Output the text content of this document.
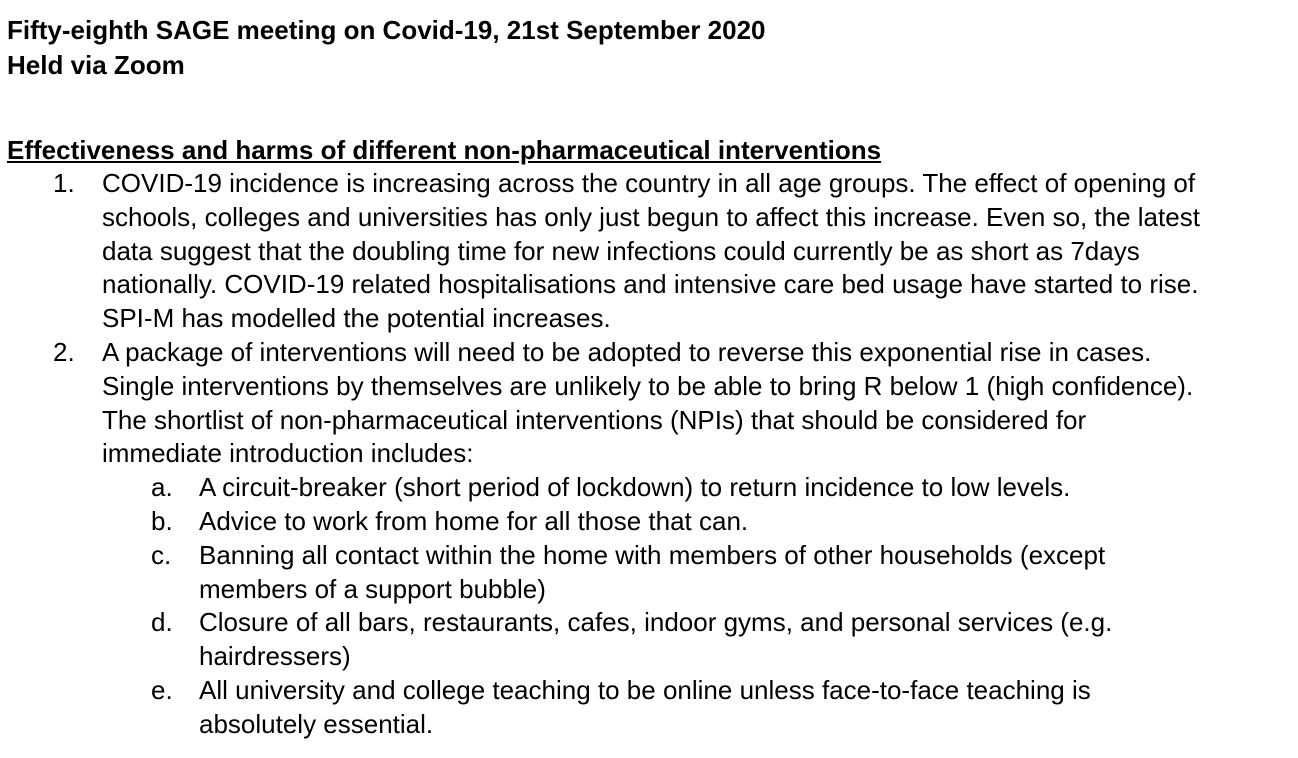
Fifty-eighth SAGE meeting on Covid-19, 21st September 2020

Held via Zoom

Effectiveness and harms of different non-pharmaceutical interventions

1. COVID-19 incidence is increasing across the country in all age groups. The effect of opening of schools, colleges and universities has only just begun to affect this increase. Even so, the latest data suggest that the doubling time for new infections could currently be as short as 7days nationally. COVID-19 related hospitalisations and intensive care bed usage have started to rise. SPI-M has modelled the potential increases.
2. A package of interventions will need to be adopted to reverse this exponential rise in cases. Single interventions by themselves are unlikely to be able to bring R below 1 (high confidence). The shortlist of non-pharmaceutical interventions (NPIs) that should be considered for immediate introduction includes:
a. A circuit-breaker (short period of lockdown) to return incidence to low levels.
b. Advice to work from home for all those that can.
c. Banning all contact within the home with members of other households (except members of a support bubble)
d. Closure of all bars, restaurants, cafes, indoor gyms, and personal services (e.g. hairdressers)
e. All university and college teaching to be online unless face-to-face teaching is absolutely essential.
